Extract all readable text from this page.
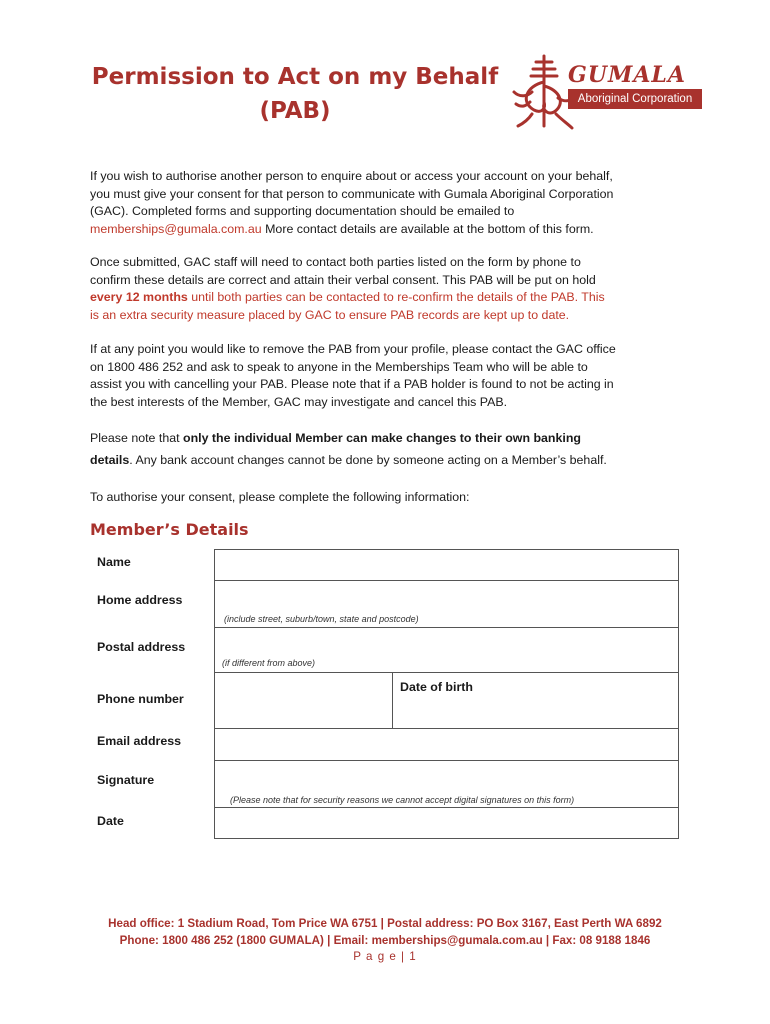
Permission to Act on my Behalf
(PAB)
GUMALA
Aboriginal Corporation
If you wish to authorise another person to enquire about or access your account on your behalf,
you must give your consent for that person to communicate with Gumala Aboriginal Corporation
(GAC). Completed forms and supporting documentation should be emailed to
memberships@gumala.com.au More contact details are available at the bottom of this form.
Once submitted, GAC staff will need to contact both parties listed on the form by phone to
confirm these details are correct and attain their verbal consent. This PAB will be put on hold
every 12 months until both parties can be contacted to re-confirm the details of the PAB. This
is an extra security measure placed by GAC to ensure PAB records are kept up to date.
If at any point you would like to remove the PAB from your profile, please contact the GAC office
on 1800 486 252 and ask to speak to anyone in the Memberships Team who will be able to
assist you with cancelling your PAB. Please note that if a PAB holder is found to not be acting in
the best interests of the Member, GAC may investigate and cancel this PAB.
Please note that only the individual Member can make changes to their own banking
details. Any bank account changes cannot be done by someone acting on a Member’s behalf.
To authorise your consent, please complete the following information:
Member’s Details
Name
Home address
(include street, suburb/town, state and postcode)
Postal address
(if different from above)
Phone number
Date of birth
Email address
Signature
(Please note that for security reasons we cannot accept digital signatures on this form)
Date
Head office: 1 Stadium Road, Tom Price WA 6751 | Postal address: PO Box 3167, East Perth WA 6892
Phone: 1800 486 252 (1800 GUMALA) | Email: memberships@gumala.com.au | Fax: 08 9188 1846
P a g e | 1
